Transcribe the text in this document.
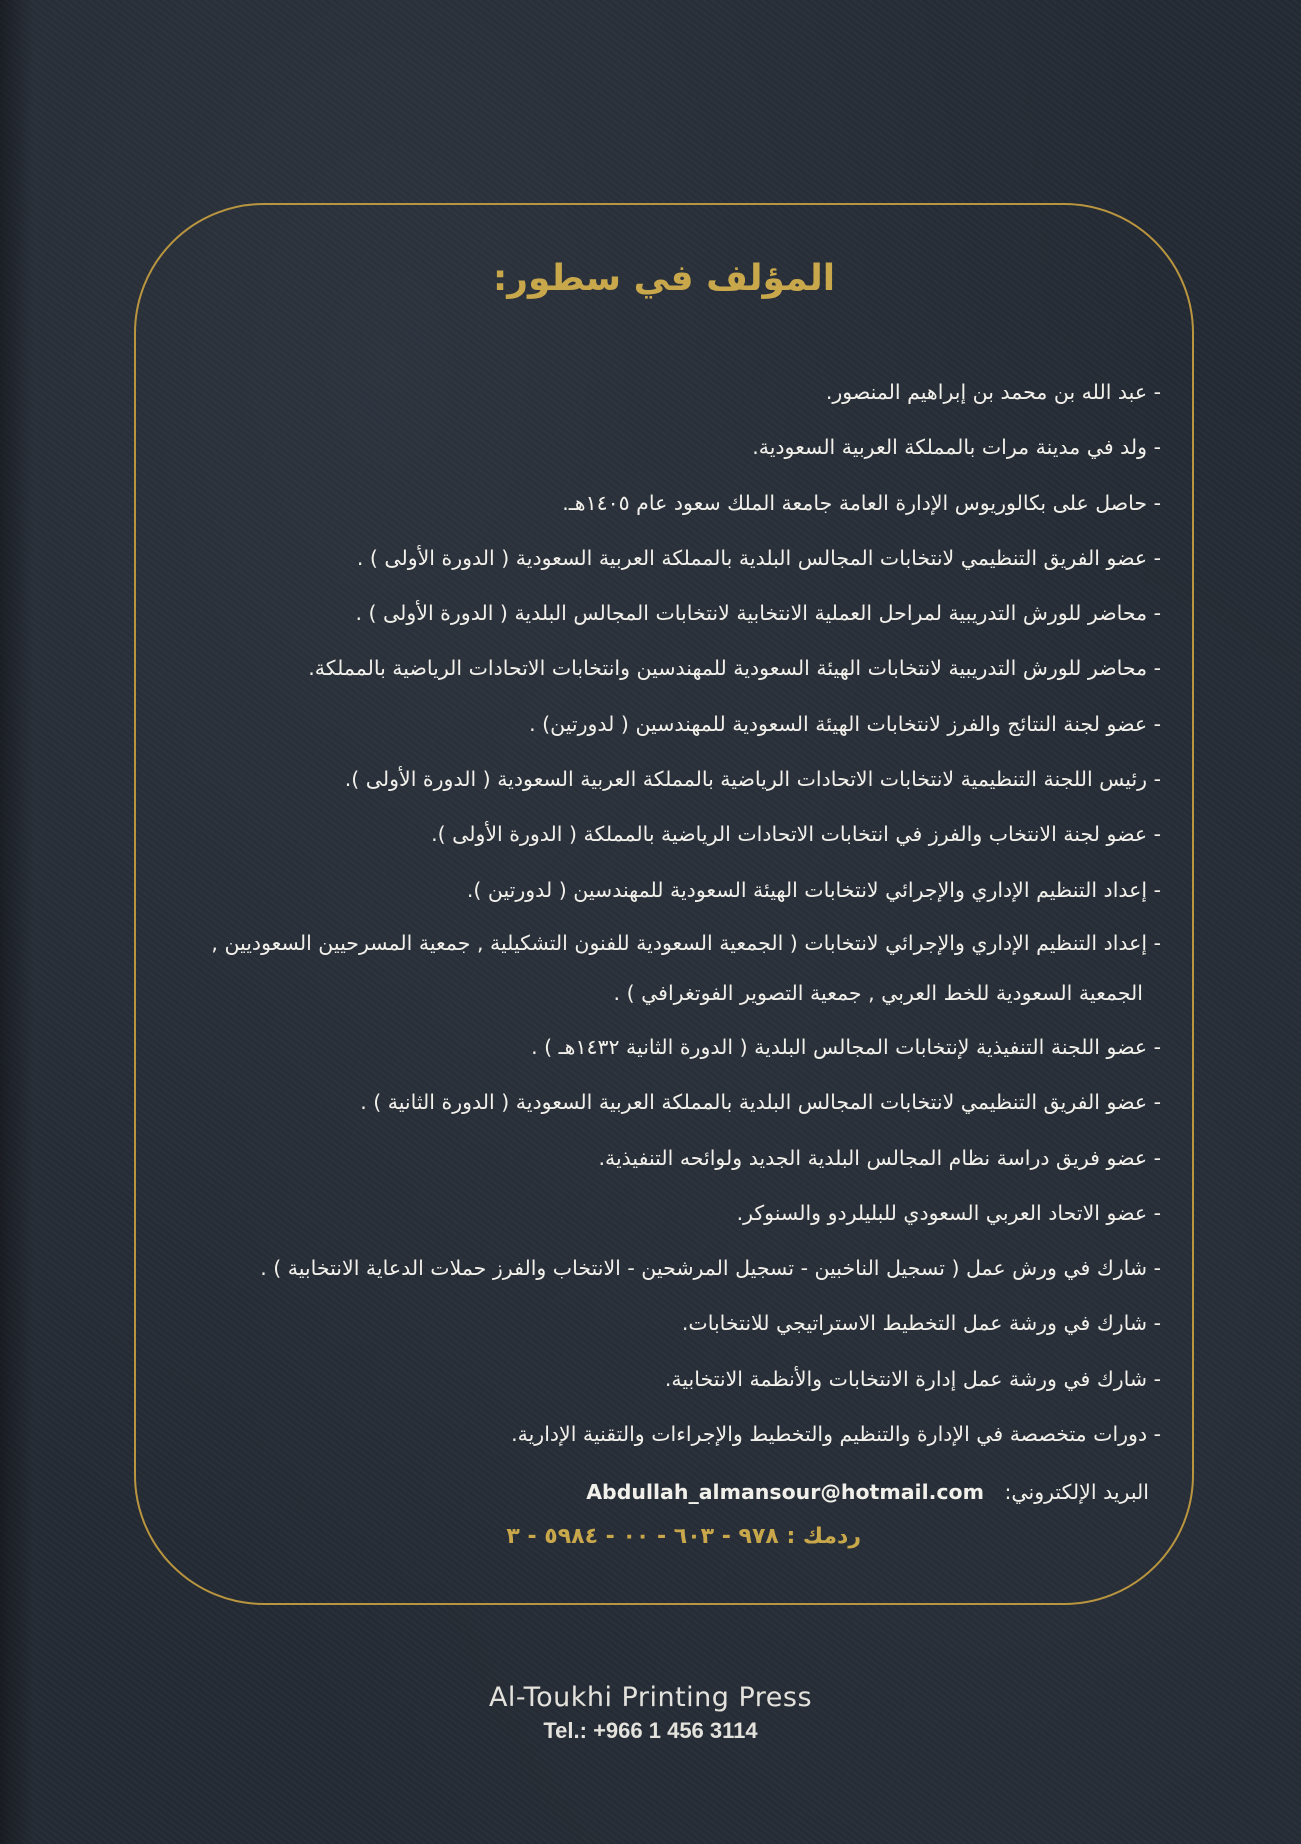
المؤلف في سطور:
- عبد الله بن محمد بن إبراهيم المنصور.
- ولد في مدينة مرات بالمملكة العربية السعودية.
- حاصل على بكالوريوس الإدارة العامة جامعة الملك سعود عام ١٤٠٥هـ.
- عضو الفريق التنظيمي لانتخابات المجالس البلدية بالمملكة العربية السعودية ( الدورة الأولى ) .
- محاضر للورش التدريبية لمراحل العملية الانتخابية لانتخابات المجالس البلدية ( الدورة الأولى ) .
- محاضر للورش التدريبية لانتخابات الهيئة السعودية للمهندسين وانتخابات الاتحادات الرياضية بالمملكة.
- عضو لجنة النتائج والفرز لانتخابات الهيئة السعودية للمهندسين ( لدورتين) .
- رئيس اللجنة التنظيمية لانتخابات الاتحادات الرياضية بالمملكة العربية السعودية ( الدورة الأولى ).
- عضو لجنة الانتخاب والفرز في انتخابات الاتحادات الرياضية بالمملكة ( الدورة الأولى ).
- إعداد التنظيم الإداري والإجرائي لانتخابات الهيئة السعودية للمهندسين ( لدورتين ).
- إعداد التنظيم الإداري والإجرائي لانتخابات ( الجمعية السعودية للفنون التشكيلية , جمعية المسرحيين السعوديين , الجمعية السعودية للخط العربي , جمعية التصوير الفوتغرافي ) .
- عضو اللجنة التنفيذية لإنتخابات المجالس البلدية ( الدورة الثانية ١٤٣٢هـ ) .
- عضو الفريق التنظيمي لانتخابات المجالس البلدية بالمملكة العربية السعودية ( الدورة الثانية ) .
- عضو فريق دراسة نظام المجالس البلدية الجديد ولوائحه التنفيذية.
- عضو الاتحاد العربي السعودي للبليلردو والسنوكر.
- شارك في ورش عمل ( تسجيل الناخبين - تسجيل المرشحين - الانتخاب والفرز حملات الدعاية الانتخابية ) .
- شارك في ورشة عمل التخطيط الاستراتيجي للانتخابات.
- شارك في ورشة عمل إدارة الانتخابات والأنظمة الانتخابية.
- دورات متخصصة في الإدارة والتنظيم والتخطيط والإجراءات والتقنية الإدارية.
البريد الإلكتروني: Abdullah_almansour@hotmail.com
ردمك : ٩٧٨ - ٦٠٣ - ٠٠ - ٥٩٨٤ - ٣
Al-Toukhi Printing Press
Tel.: +966 1 456 3114
